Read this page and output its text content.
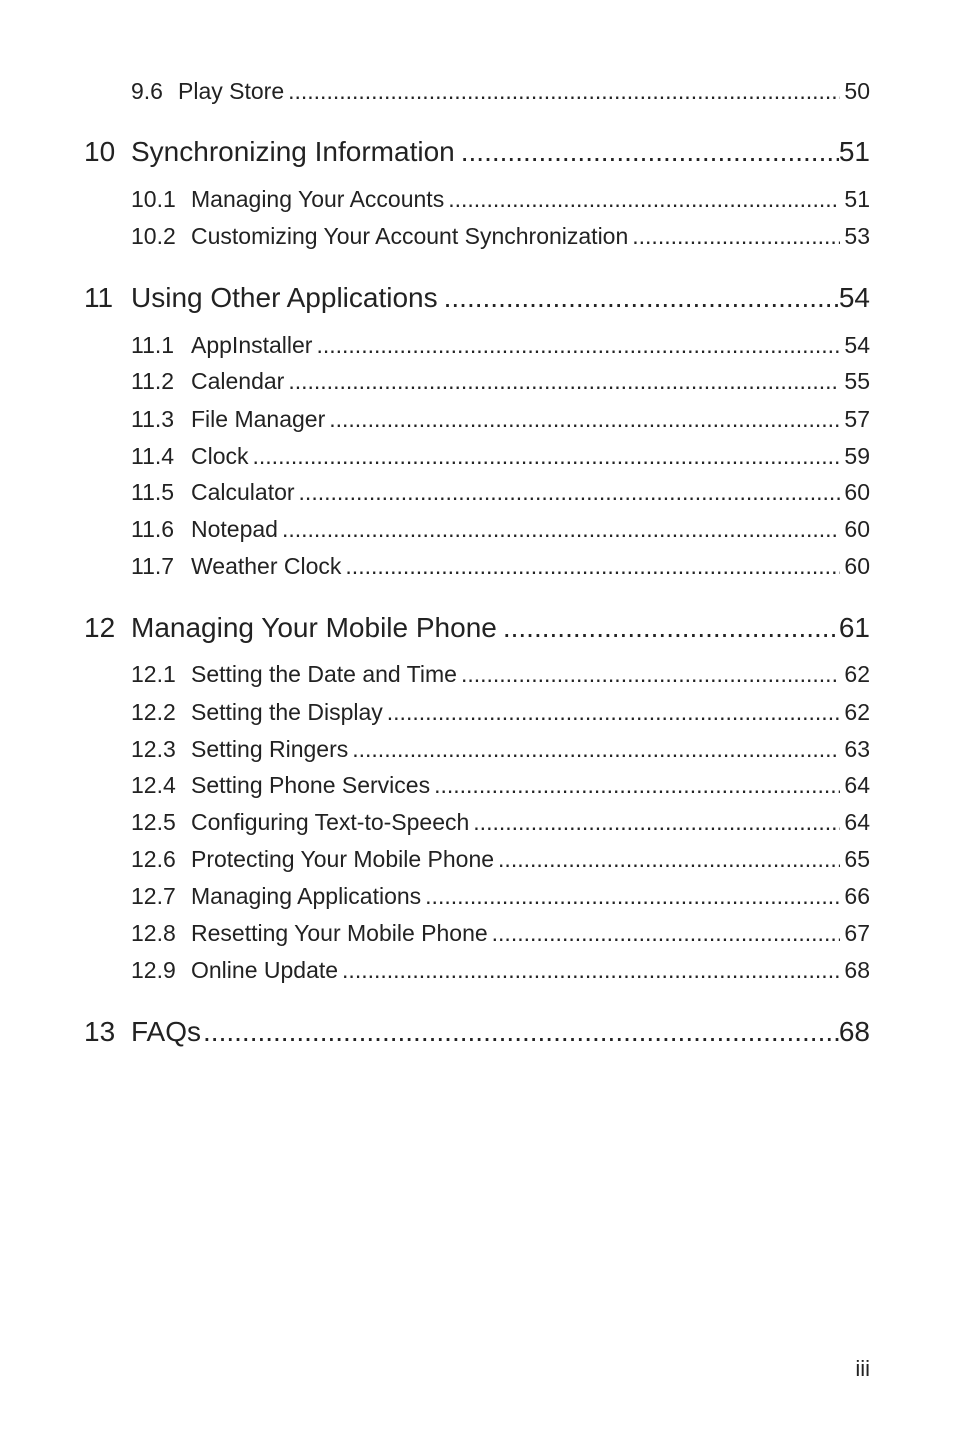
9.6 Play Store .....	50
10 Synchronizing Information .....	51
10.1 Managing Your Accounts .....	51
10.2 Customizing Your Account Synchronization .....	53
11 Using Other Applications .....	54
11.1 AppInstaller .....	54
11.2 Calendar .....	55
11.3 File Manager .....	57
11.4 Clock .....	59
11.5 Calculator .....	60
11.6 Notepad .....	60
11.7 Weather Clock .....	60
12 Managing Your Mobile Phone .....	61
12.1 Setting the Date and Time .....	62
12.2 Setting the Display .....	62
12.3 Setting Ringers .....	63
12.4 Setting Phone Services .....	64
12.5 Configuring Text-to-Speech .....	64
12.6 Protecting Your Mobile Phone .....	65
12.7 Managing Applications .....	66
12.8 Resetting Your Mobile Phone .....	67
12.9 Online Update .....	68
13 FAQs .....	68
iii
